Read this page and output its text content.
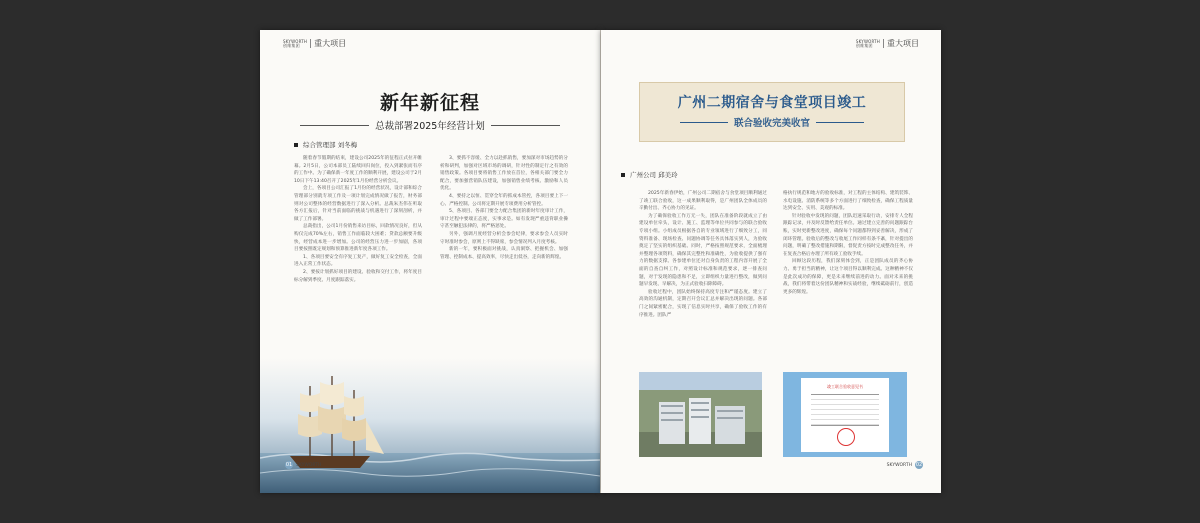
SKYWORTH
创维集团	重大项目
新年新征程
总裁部署2025年经营计划
综合管理部 刘冬梅

随着春节假期的结束，建设公司2025年的征程正式拉开帷幕。2月5日，公司本部员工陆续回归岗位，投入到紧张而有序的工作中。为了确保新一年度工作的顺利开展，建设公司于2月10日下午13:40召开了2025年1月份经营分析会议。

会上，各项目公司汇报了1月份的经营状况，设计部和综合管理部分别就专项工作及一项计划完成情况做了报告，财务部则对公司整体的经营数据进行了深入分析。总裁朱杰伟在听取各方汇报后，针对当前面临的挑战与机遇进行了深刻剖析，并做了工作部署。

总裁指出，公司1月份销售来访目标，回款情况良好，但从购仅完成70%左右，销售工作面临较大困难；贷款总额要升级快，经营成本进一步增加。公司的经营压力进一步加剧，各项目要按照既定规划和预算推进新年度各项工作。

1、各项目要安全有序复工复产，做好复工安全检查，全面进入正常工作状态。

2、要按计划抓好项目的建设、验收和交付工作，将年度目标分解到季度、月度跟踪落实。

3、要抓不容缓、全力以赴抓销售，要加深对市场趋势的分析和研判，加强对区域市场的调研，针对性的制定行之有效的销售政策。各项目要将销售工作放在首位，各相关部门要全力配合，要加强营销队伍建设，加强销售业绩考核、激励和人员优化。

4、要持之以恒、贯穿全年的抓成本管控，各项目要上下一心、严格控制。公司将定期开展专项费用分析管控。

5、各项目、各部门要全力配合集团的新时年度审计工作，审计过程中要端正态度，实事求是。如有发现严重违背职业操守甚至触犯法律的，将严格惩处。

另外，强调月度经营分析会参会纪律，要求参会人员实时守时准时参会，原则上不得缺席，参会情况列入月度考核。

新的一年，要积极面对挑战，认真洞察、把握机会、加强管理、控制成本、提高效率，尽快走出低谷，走向新的辉煌。

01 SKYWORTH
SKYWORTH
创维集团	重大项目
广州二期宿舍与食堂项目竣工
联合验收完美收官
广州公司 邱美玲

2025年新春伊始，广州公司二期宿舍与食堂项目顺利通过了竣工联合验收，这一成果顺利取得，是广州团队全体成员的辛勤付出、齐心协力的见证。

为了确保验收工作万无一失，团队在准备阶段就成立了由建设单位牵头，设计、施工、监理等单位共同参与的联合验收专项小组。小组成员根据各自的专业领域进行了细致分工，同资料准备、现场检查、问题协调等任务具体落实到人，为验收奠定了坚实的组织基础。同时，严格按照规范要求，全面梳理并整理各项资料，确保其完整性和准确性，为验收提供了强有力的数据支撑。各参建单位还对自身负责的工程内容开展了全面的自查自纠工作，对照设计标准和规范要求，逐一排查问题，对于发现的隐患和不足，立即组织力量进行整改，做到问题早发现、早解决，为正式验收扫除障碍。

验收过程中，团队始终保持高度专注和严谨态度。建立了高效的沟通机制，定期召开会议汇总并解决出现的问题。各部门之间紧密配合，实现了信息实时共享，确保了验收工作的有序推进。团队严

格执行规范和地方的验收标准，对工程的主体结构、建筑装饰、水电设施、消防系统等多个方面进行了细致检查，确保工程质量达到安全、实用、美观的标准。

针对验收中发现的问题，团队迅速采取行动，安排专人全程跟踪记录，并及时反馈给责任单位。通过建立完善的问题跟踪台账，实时更新整改进度，确保每个问题都得到妥善解决，形成了闭环管理。验收后的整改与收尾工作同样有条不紊，针对提出的问题，明确了整改措施和期限，督促责方按时完成整改任务，并在复查合格后办理了所有竣工验收手续。

回顾这段历程，我们深刻体会到，正是团队成员的齐心协力、勇于担当的精神，让这个项目得以顺利完成。这种精神不仅是此次成功的保障，更是未来继续前进的动力。面对未来的挑战，我们将带着这份团队精神和实战经验，继续砥砺前行，创造更多的辉煌。

竣工联合验收意见书
SKYWORTH 02
